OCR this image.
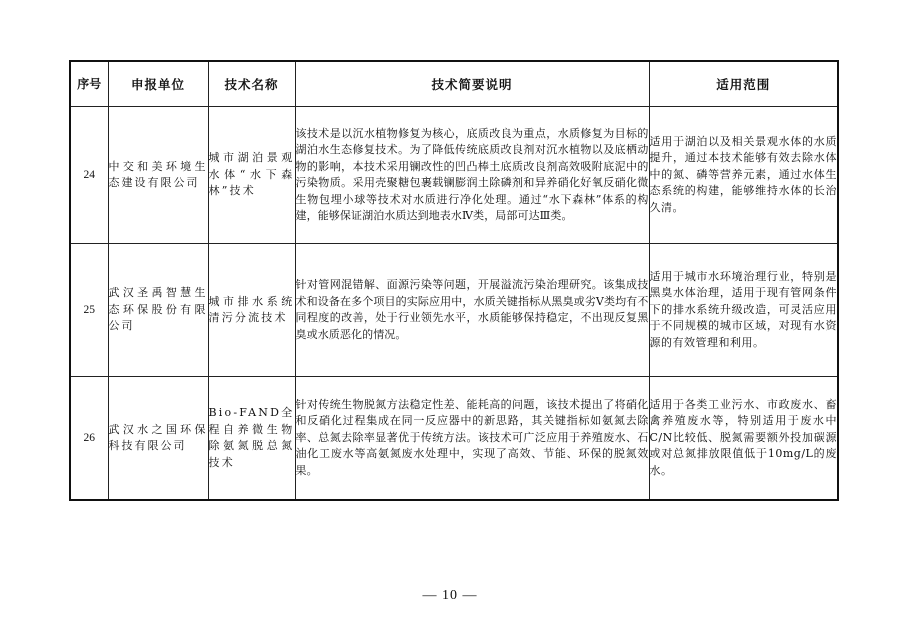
序号	申报单位	技术名称	技术简要说明	适用范围
24	中交和美环境生态建设有限公司	城市湖泊景观水体“水下森林”技术	该技术是以沉水植物修复为核心，底质改良为重点，水质修复为目标的湖泊水生态修复技术。为了降低传统底质改良剂对沉水植物以及底栖动物的影响，本技术采用镧改性的凹凸棒土底质改良剂高效吸附底泥中的污染物质。采用壳聚糖包裹载镧膨润土除磷剂和异养硝化好氧反硝化微生物包埋小球等技术对水质进行净化处理。通过“水下森林”体系的构建，能够保证湖泊水质达到地表水Ⅳ类，局部可达Ⅲ类。	适用于湖泊以及相关景观水体的水质提升，通过本技术能够有效去除水体中的氮、磷等营养元素，通过水体生态系统的构建，能够维持水体的长治久清。
25	武汉圣禹智慧生态环保股份有限公司	城市排水系统清污分流技术	针对管网混错解、面源污染等问题，开展溢流污染治理研究。该集成技术和设备在多个项目的实际应用中，水质关键指标从黑臭或劣Ⅴ类均有不同程度的改善，处于行业领先水平，水质能够保持稳定，不出现反复黑臭或水质恶化的情况。	适用于城市水环境治理行业，特别是黑臭水体治理，适用于现有管网条件下的排水系统升级改造，可灵活应用于不同规模的城市区域，对现有水资源的有效管理和利用。
26	武汉水之国环保科技有限公司	Bio-FAND全程自养微生物除氨氮脱总氮技术	针对传统生物脱氮方法稳定性差、能耗高的问题，该技术提出了将硝化和反硝化过程集成在同一反应器中的新思路，其关键指标如氨氮去除率、总氮去除率显著优于传统方法。该技术可广泛应用于养殖废水、石油化工废水等高氨氮废水处理中，实现了高效、节能、环保的脱氮效果。	适用于各类工业污水、市政废水、畜禽养殖废水等，特别适用于废水中C/N比较低、脱氮需要额外投加碳源或对总氮排放限值低于10mg/L的废水。
— 10 —
